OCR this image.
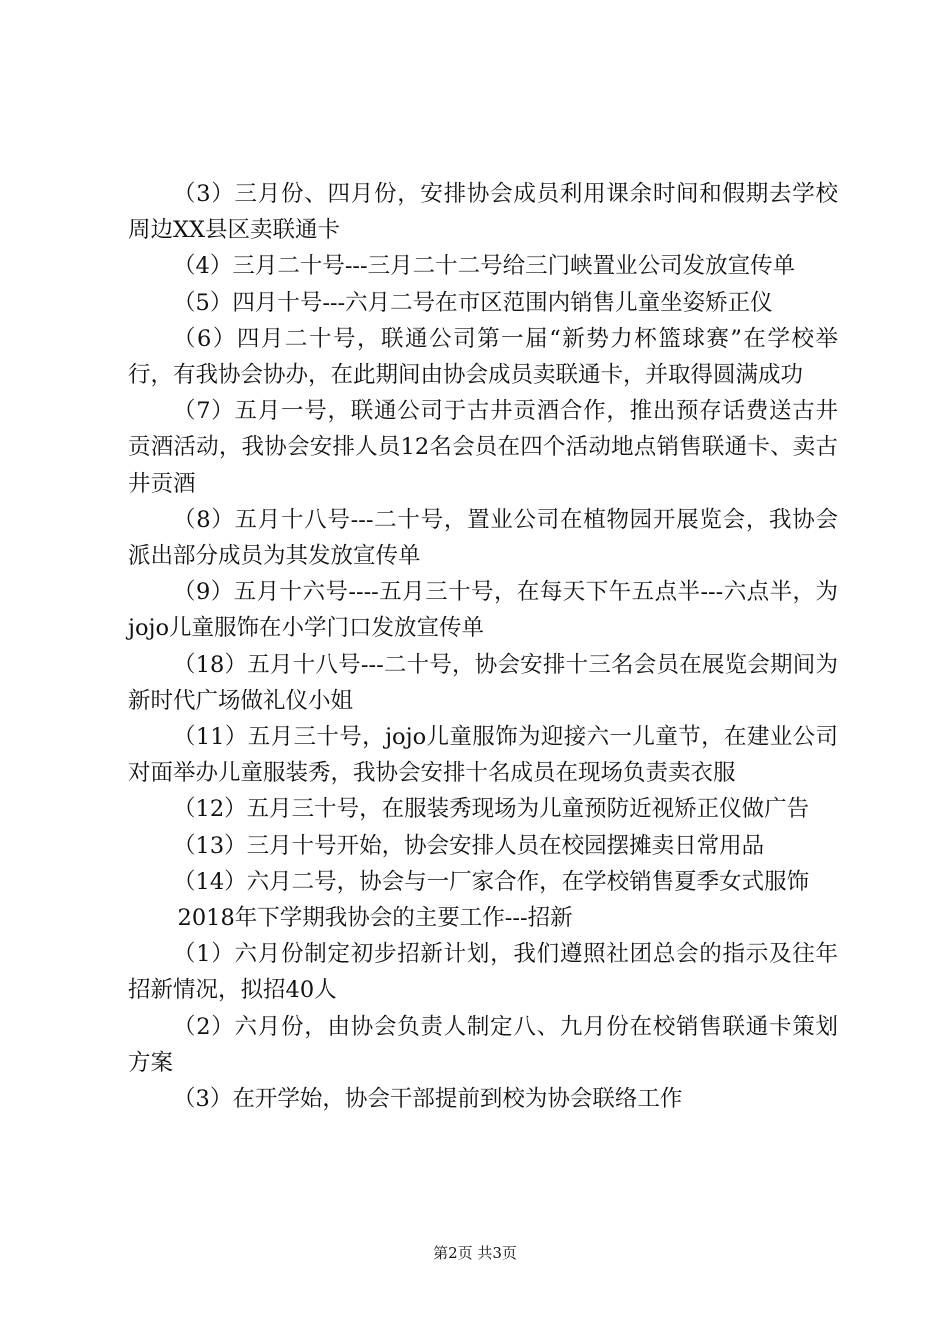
（3）三月份、四月份，安排协会成员利用课余时间和假期去学校周边XX县区卖联通卡

（4）三月二十号---三月二十二号给三门峡置业公司发放宣传单

（5）四月十号---六月二号在市区范围内销售儿童坐姿矫正仪

（6）四月二十号，联通公司第一届“新势力杯篮球赛”在学校举行，有我协会协办，在此期间由协会成员卖联通卡，并取得圆满成功

（7）五月一号，联通公司于古井贡酒合作，推出预存话费送古井贡酒活动，我协会安排人员12名会员在四个活动地点销售联通卡、卖古井贡酒

（8）五月十八号---二十号，置业公司在植物园开展览会，我协会派出部分成员为其发放宣传单

（9）五月十六号----五月三十号，在每天下午五点半---六点半，为jojo儿童服饰在小学门口发放宣传单

（18）五月十八号---二十号，协会安排十三名会员在展览会期间为新时代广场做礼仪小姐

（11）五月三十号，jojo儿童服饰为迎接六一儿童节，在建业公司对面举办儿童服装秀，我协会安排十名成员在现场负责卖衣服

（12）五月三十号，在服装秀现场为儿童预防近视矫正仪做广告

（13）三月十号开始，协会安排人员在校园摆摊卖日常用品

（14）六月二号，协会与一厂家合作，在学校销售夏季女式服饰

2018年下学期我协会的主要工作---招新

（1）六月份制定初步招新计划，我们遵照社团总会的指示及往年招新情况，拟招40人

（2）六月份，由协会负责人制定八、九月份在校销售联通卡策划方案

（3）在开学始，协会干部提前到校为协会联络工作

第2页 共3页
